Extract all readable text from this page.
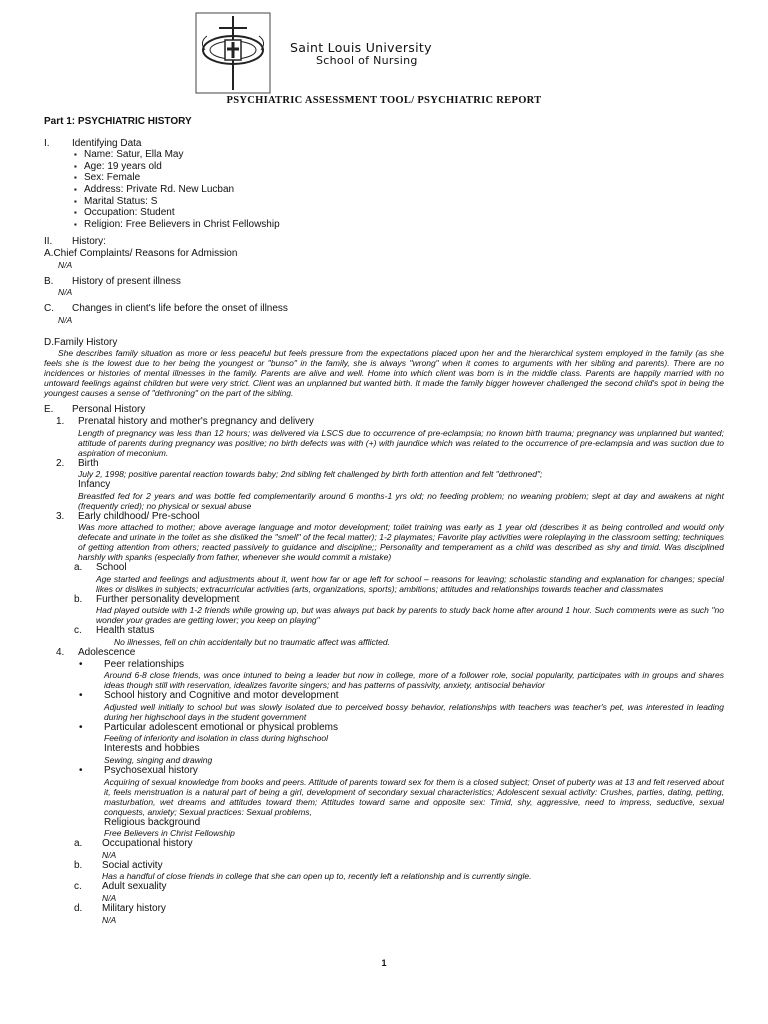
Saint Louis University
School of Nursing
PSYCHIATRIC ASSESSMENT TOOL/ PSYCHIATRIC REPORT
Part 1: PSYCHIATRIC HISTORY
I.	Identifying Data
▪ Name: Satur, Ella May
▪ Age: 19 years old
▪ Sex: Female
▪ Address: Private Rd. New Lucban
▪ Marital Status: S
▪ Occupation: Student
▪ Religion: Free Believers in Christ Fellowship
II.	History:
A.Chief Complaints/ Reasons for Admission
N/A
B.	History of present illness
N/A
C.	Changes in client's life before the onset of illness
N/A
D.Family History
She describes family situation as more or less peaceful but feels pressure from the expectations placed upon her and the hierarchical system employed in the family (as she feels she is the lowest due to her being the youngest or "bunso" in the family, she is always "wrong" when it comes to arguments with her sibling and parents). There are no incidences or histories of mental illnesses in the family. Parents are alive and well. Home into which client was born is in the middle class. Parents are happily married with no untoward feelings against children but were very strict. Client was an unplanned but wanted birth. It made the family bigger however challenged the second child's spot in being the youngest causes a sense of "dethroning" on the part of the sibling.
E.	Personal History
1.	Prenatal history and mother's pregnancy and delivery
Length of pregnancy was less than 12 hours; was delivered via LSCS due to occurrence of pre-eclampsia; no known birth trauma; pregnancy was unplanned but wanted; attitude of parents during pregnancy was positive; no birth defects was with (+) with jaundice which was related to the occurrence of pre-eclampsia and was suction due to aspiration of meconium.
2.	Birth
July 2, 1998; positive parental reaction towards baby; 2nd sibling felt challenged by birth forth attention and felt "dethroned";
Infancy
Breastfed fed for 2 years and was bottle fed complementarily around 6 months-1 yrs old; no feeding problem; no weaning problem; slept at day and awakens at night (frequently cried); no physical or sexual abuse
3.	Early childhood/ Pre-school
Was more attached to mother; above average language and motor development; toilet training was early as 1 year old (describes it as being controlled and would only defecate and urinate in the toilet as she disliked the "smell" of the fecal matter); 1-2 playmates; Favorite play activities were roleplaying in the classroom setting; techniques of getting attention from others; reacted passively to guidance and discipline;; Personality and temperament as a child was described as shy and timid. Was disciplined harshly with spanks (especially from father, whenever she would commit a mistake)
a.	School
Age started and feelings and adjustments about it, went how far or age left for school – reasons for leaving; scholastic standing and explanation for changes; special likes or dislikes in subjects; extracurricular activities (arts, organizations, sports); ambitions; attitudes and relationships towards teacher and classmates
b.	Further personality development
Had played outside with 1-2 friends while growing up, but was always put back by parents to study back home after around 1 hour. Such comments were as such "no wonder your grades are getting lower; you keep on playing"
c.	Health status
No illnesses, fell on chin accidentally but no traumatic affect was afflicted.
4.	Adolescence
• Peer relationships
Around 6-8 close friends, was once intuned to being a leader but now in college, more of a follower role, social popularity, participates with in groups and shares ideas though still with reservation, idealizes favorite singers; and has patterns of passivity, anxiety, antisocial behavior
• School history and Cognitive and motor development
Adjusted well initially to school but was slowly isolated due to perceived bossy behavior, relationships with teachers was teacher's pet, was interested in leading during her highschool days in the student government
• Particular adolescent emotional or physical problems
Feeling of inferiority and isolation in class during highschool
Interests and hobbies
Sewing, singing and drawing
• Psychosexual history
Acquiring of sexual knowledge from books and peers. Attitude of parents toward sex for them is a closed subject; Onset of puberty was at 13 and felt reserved about it, feels menstruation is a natural part of being a girl, development of secondary sexual characteristics; Adolescent sexual activity: Crushes, parties, dating, petting, masturbation, wet dreams and attitudes toward them; Attitudes toward same and opposite sex: Timid, shy, aggressive, need to impress, seductive, sexual conquests, anxiety; Sexual practices: Sexual problems,
Religious background
Free Believers in Christ Fellowship
a.	Occupational history
N/A
b.	Social activity
Has a handful of close friends in college that she can open up to, recently left a relationship and is currently single.
c.	Adult sexuality
N/A
d.	Military history
N/A
1
